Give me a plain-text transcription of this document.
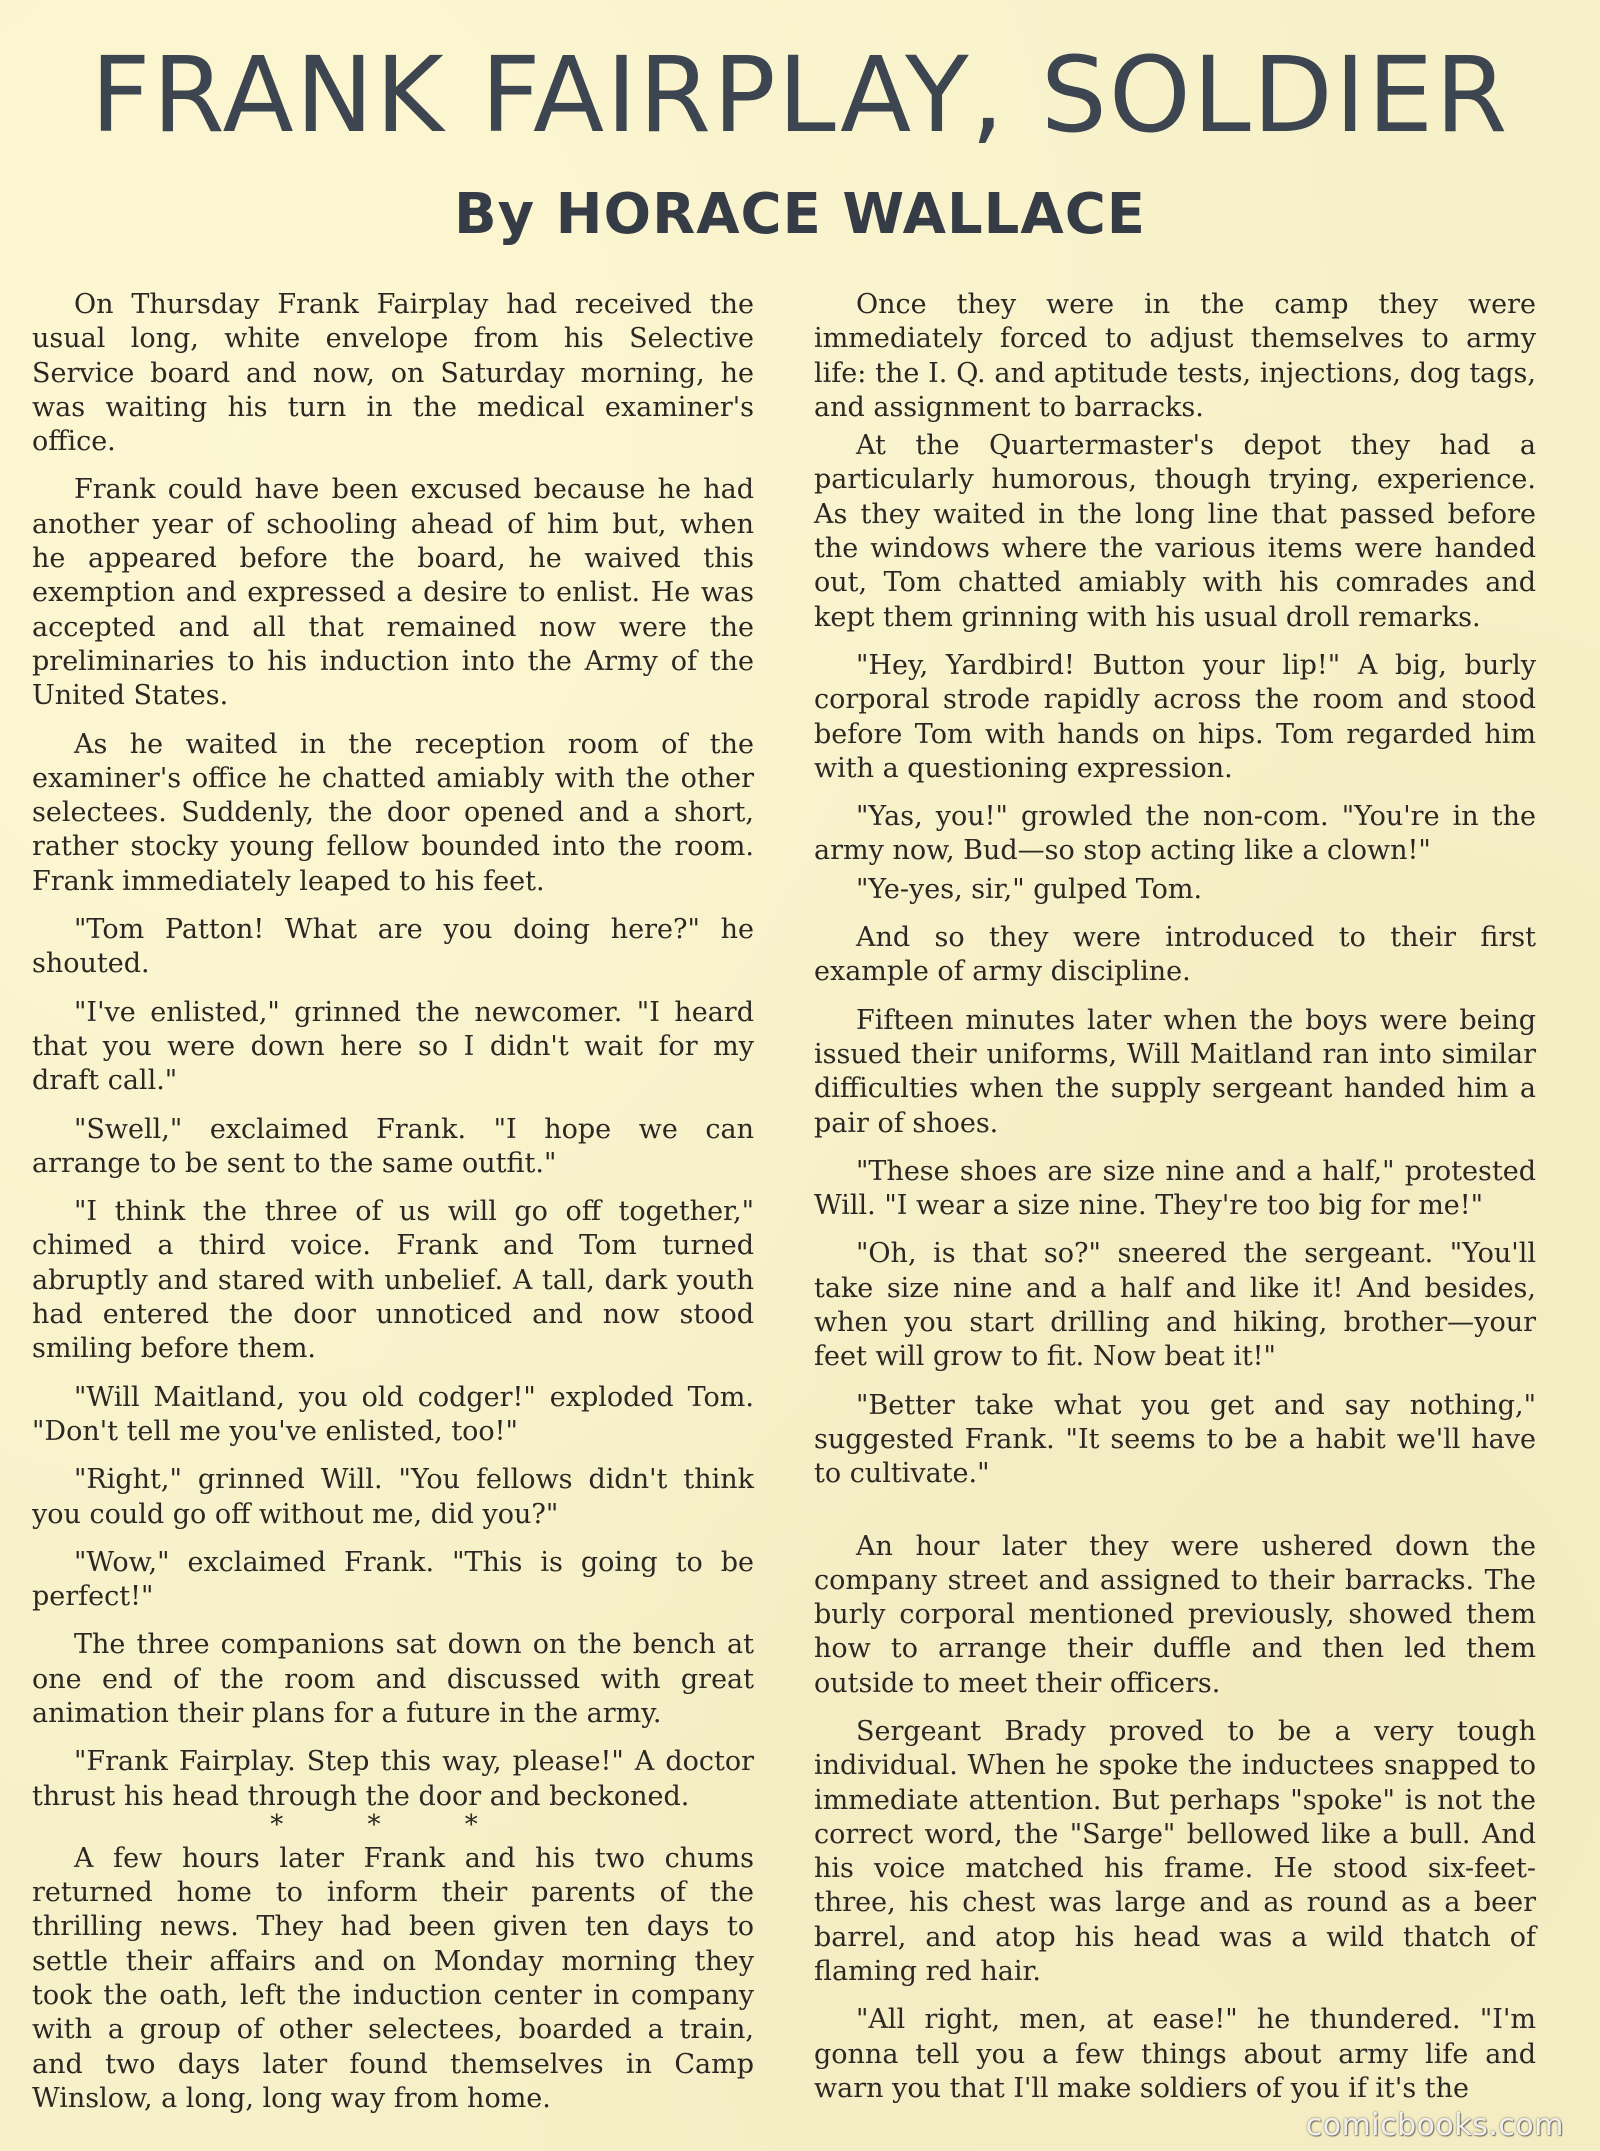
FRANK FAIRPLAY, SOLDIER
By HORACE WALLACE

On Thursday Frank Fairplay had received the usual long, white envelope from his Selective Service board and now, on Saturday morning, he was waiting his turn in the medical examiner's office.

Frank could have been excused because he had another year of schooling ahead of him but, when he appeared before the board, he waived this exemption and expressed a desire to enlist. He was accepted and all that remained now were the preliminaries to his induction into the Army of the United States.

As he waited in the reception room of the examiner's office he chatted amiably with the other selectees. Suddenly, the door opened and a short, rather stocky young fellow bounded into the room. Frank immediately leaped to his feet.

"Tom Patton! What are you doing here?" he shouted.

"I've enlisted," grinned the newcomer. "I heard that you were down here so I didn't wait for my draft call."

"Swell," exclaimed Frank. "I hope we can arrange to be sent to the same outfit."

"I think the three of us will go off together," chimed a third voice. Frank and Tom turned abruptly and stared with unbelief. A tall, dark youth had entered the door unnoticed and now stood smiling before them.

"Will Maitland, you old codger!" exploded Tom. "Don't tell me you've enlisted, too!"

"Right," grinned Will. "You fellows didn't think you could go off without me, did you?"

"Wow," exclaimed Frank. "This is going to be perfect!"

The three companions sat down on the bench at one end of the room and discussed with great animation their plans for a future in the army.

"Frank Fairplay. Step this way, please!" A doctor thrust his head through the door and beckoned.

* * *

A few hours later Frank and his two chums returned home to inform their parents of the thrilling news. They had been given ten days to settle their affairs and on Monday morning they took the oath, left the induction center in company with a group of other selectees, boarded a train, and two days later found themselves in Camp Winslow, a long, long way from home.

Once they were in the camp they were immediately forced to adjust themselves to army life: the I. Q. and aptitude tests, injections, dog tags, and assignment to barracks.

At the Quartermaster's depot they had a particularly humorous, though trying, experience. As they waited in the long line that passed before the windows where the various items were handed out, Tom chatted amiably with his comrades and kept them grinning with his usual droll remarks.

"Hey, Yardbird! Button your lip!" A big, burly corporal strode rapidly across the room and stood before Tom with hands on hips. Tom regarded him with a questioning expression.

"Yas, you!" growled the non-com. "You're in the army now, Bud—so stop acting like a clown!"

"Ye-yes, sir," gulped Tom.

And so they were introduced to their first example of army discipline.

Fifteen minutes later when the boys were being issued their uniforms, Will Maitland ran into similar difficulties when the supply sergeant handed him a pair of shoes.

"These shoes are size nine and a half," protested Will. "I wear a size nine. They're too big for me!"

"Oh, is that so?" sneered the sergeant. "You'll take size nine and a half and like it! And besides, when you start drilling and hiking, brother—your feet will grow to fit. Now beat it!"

"Better take what you get and say nothing," suggested Frank. "It seems to be a habit we'll have to cultivate."

An hour later they were ushered down the company street and assigned to their barracks. The burly corporal mentioned previously, showed them how to arrange their duffle and then led them outside to meet their officers.

Sergeant Brady proved to be a very tough individual. When he spoke the inductees snapped to immediate attention. But perhaps "spoke" is not the correct word, the "Sarge" bellowed like a bull. And his voice matched his frame. He stood six-feet-three, his chest was large and as round as a beer barrel, and atop his head was a wild thatch of flaming red hair.

"All right, men, at ease!" he thundered. "I'm gonna tell you a few things about army life and warn you that I'll make soldiers of you if it's the

comicbooks.com
